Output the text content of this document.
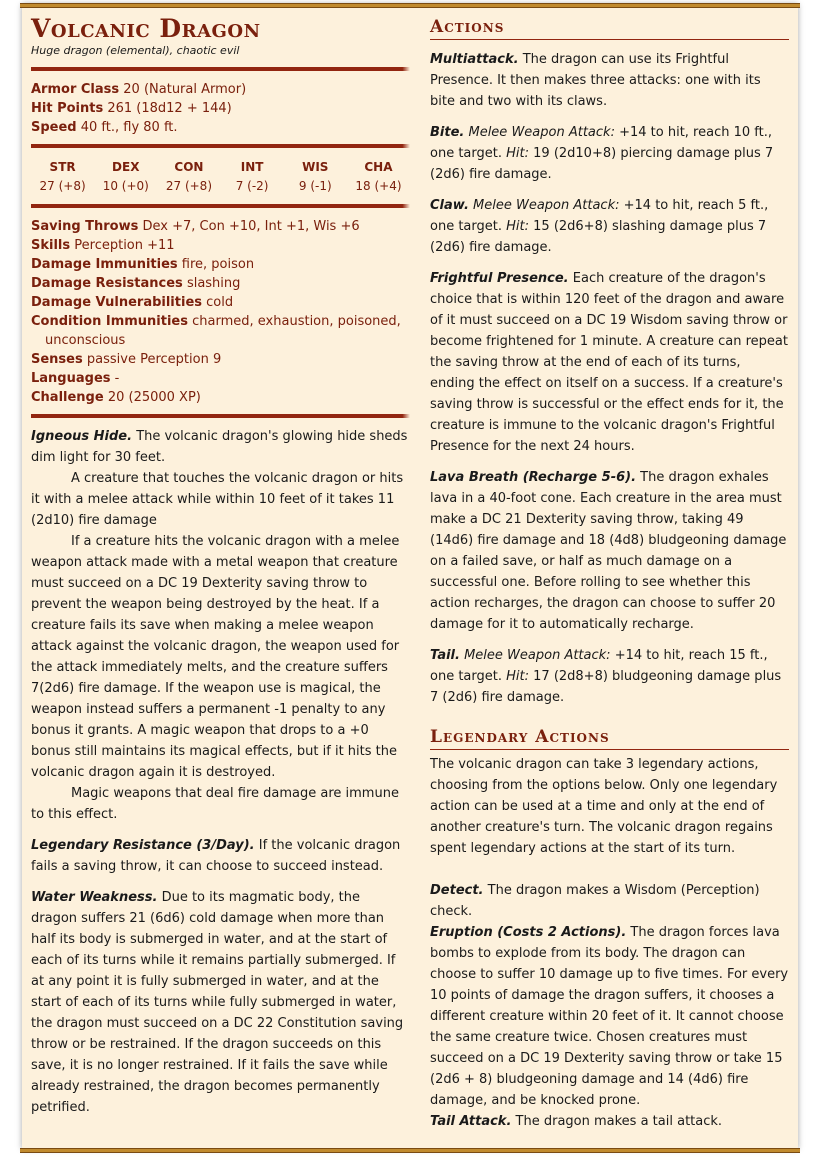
Volcanic Dragon

Huge dragon (elemental), chaotic evil

Armor Class 20 (Natural Armor)
Hit Points 261 (18d12 + 144)
Speed 40 ft., fly 80 ft.
STR
27 (+8)
DEX
10 (+0)
CON
27 (+8)
INT
7 (-2)
WIS
9 (-1)
CHA
18 (+4)
Saving Throws Dex +7, Con +10, Int +1, Wis +6
Skills Perception +11
Damage Immunities fire, poison
Damage Resistances slashing
Damage Vulnerabilities cold
Condition Immunities charmed, exhaustion, poisoned, unconscious
Senses passive Perception 9
Languages -
Challenge 20 (25000 XP)

Igneous Hide. The volcanic dragon's glowing hide sheds dim light for 30 feet.

A creature that touches the volcanic dragon or hits it with a melee attack while within 10 feet of it takes 11 (2d10) fire damage

If a creature hits the volcanic dragon with a melee weapon attack made with a metal weapon that creature must succeed on a DC 19 Dexterity saving throw to prevent the weapon being destroyed by the heat. If a creature fails its save when making a melee weapon attack against the volcanic dragon, the weapon used for the attack immediately melts, and the creature suffers 7(2d6) fire damage. If the weapon use is magical, the weapon instead suffers a permanent -1 penalty to any bonus it grants. A magic weapon that drops to a +0 bonus still maintains its magical effects, but if it hits the volcanic dragon again it is destroyed.

Magic weapons that deal fire damage are immune to this effect.

Legendary Resistance (3/Day). If the volcanic dragon fails a saving throw, it can choose to succeed instead.

Water Weakness. Due to its magmatic body, the dragon suffers 21 (6d6) cold damage when more than half its body is submerged in water, and at the start of each of its turns while it remains partially submerged. If at any point it is fully submerged in water, and at the start of each of its turns while fully submerged in water, the dragon must succeed on a DC 22 Constitution saving throw or be restrained. If the dragon succeeds on this save, it is no longer restrained. If it fails the save while already restrained, the dragon becomes permanently petrified.

Actions

Multiattack. The dragon can use its Frightful Presence. It then makes three attacks: one with its bite and two with its claws.

Bite. Melee Weapon Attack: +14 to hit, reach 10 ft., one target. Hit: 19 (2d10+8) piercing damage plus 7 (2d6) fire damage.

Claw. Melee Weapon Attack: +14 to hit, reach 5 ft., one target. Hit: 15 (2d6+8) slashing damage plus 7 (2d6) fire damage.

Frightful Presence. Each creature of the dragon's choice that is within 120 feet of the dragon and aware of it must succeed on a DC 19 Wisdom saving throw or become frightened for 1 minute. A creature can repeat the saving throw at the end of each of its turns, ending the effect on itself on a success. If a creature's saving throw is successful or the effect ends for it, the creature is immune to the volcanic dragon's Frightful Presence for the next 24 hours.

Lava Breath (Recharge 5-6). The dragon exhales lava in a 40-foot cone. Each creature in the area must make a DC 21 Dexterity saving throw, taking 49 (14d6) fire damage and 18 (4d8) bludgeoning damage on a failed save, or half as much damage on a successful one. Before rolling to see whether this action recharges, the dragon can choose to suffer 20 damage for it to automatically recharge.

Tail. Melee Weapon Attack: +14 to hit, reach 15 ft., one target. Hit: 17 (2d8+8) bludgeoning damage plus 7 (2d6) fire damage.

Legendary Actions

The volcanic dragon can take 3 legendary actions, choosing from the options below. Only one legendary action can be used at a time and only at the end of another creature's turn. The volcanic dragon regains spent legendary actions at the start of its turn.

Detect. The dragon makes a Wisdom (Perception) check.

Eruption (Costs 2 Actions). The dragon forces lava bombs to explode from its body. The dragon can choose to suffer 10 damage up to five times. For every 10 points of damage the dragon suffers, it chooses a different creature within 20 feet of it. It cannot choose the same creature twice. Chosen creatures must succeed on a DC 19 Dexterity saving throw or take 15 (2d6 + 8) bludgeoning damage and 14 (4d6) fire damage, and be knocked prone.

Tail Attack. The dragon makes a tail attack.
